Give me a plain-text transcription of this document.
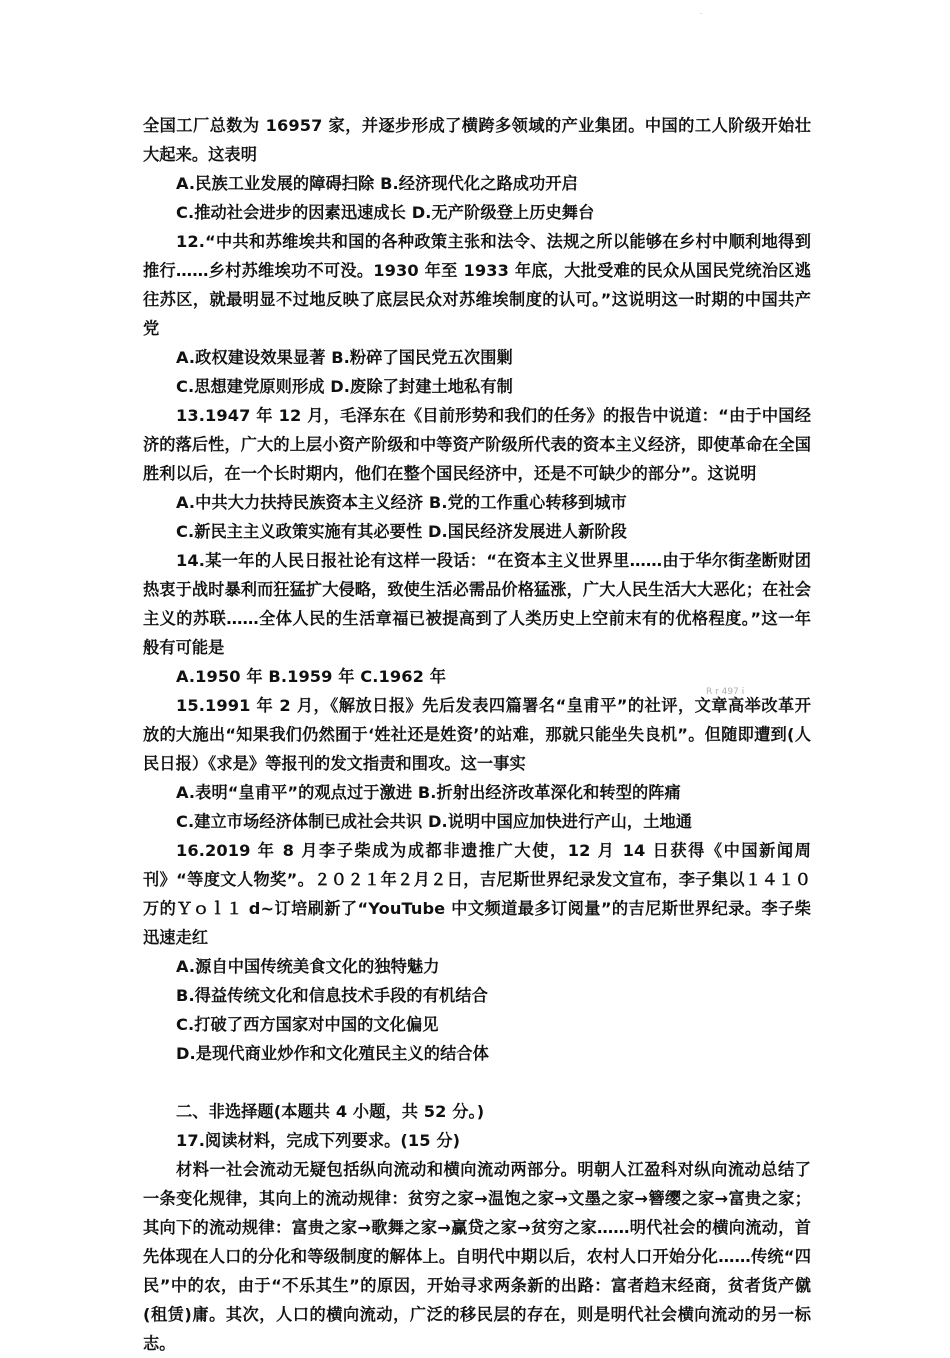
·
R r 497 i

全国工厂总数为 16957 家，并逐步形成了横跨多领域的产业集团。中国的工人阶级开始壮大起来。这表明

A.民族工业发展的障碍扫除 B.经济现代化之路成功开启

C.推动社会进步的因素迅速成长 D.无产阶级登上历史舞台

12.“中共和苏维埃共和国的各种政策主张和法令、法规之所以能够在乡村中顺利地得到推行……乡村苏维埃功不可没。1930 年至 1933 年底，大批受难的民众从国民党统治区逃往苏区，就最明显不过地反映了底层民众对苏维埃制度的认可。”这说明这一时期的中国共产党

A.政权建设效果显著 B.粉碎了国民党五次围剿

C.思想建党原则形成 D.废除了封建土地私有制

13.1947 年 12 月，毛泽东在《目前形势和我们的任务》的报告中说道：“由于中国经济的落后性，广大的上层小资产阶级和中等资产阶级所代表的资本主义经济，即使革命在全国胜利以后，在一个长时期内，他们在整个国民经济中，还是不可缺少的部分”。这说明

A.中共大力扶持民族资本主义经济 B.党的工作重心转移到城市

C.新民主主义政策实施有其必要性 D.国民经济发展进人新阶段

14.某一年的人民日报社论有这样一段话：“在资本主义世界里……由于华尔街垄断财团热衷于战时暴利而狂猛扩大侵略，致使生活必需品价格猛涨，广大人民生活大大恶化；在社会主义的苏联……全体人民的生活章福已被提高到了人类历史上空前末有的优格程度。”这一年般有可能是

A.1950 年 B.1959 年 C.1962 年

15.1991 年 2 月，《解放日报》先后发表四篇署名“皇甫平”的社评，文章高举改革开放的大施出“知果我们仍然囿于‘姓社还是姓资’的站难，那就只能坐失良机”。但随即遭到(人民日报）《求是》等报刊的发文指责和围攻。这一事实

A.表明“皇甫平”的观点过于激进 B.折射出经济改革深化和转型的阵痛

C.建立市场经济体制已成社会共识 D.说明中国应加快进行产山，土地通

16.2019 年 8 月李子柴成为成都非遗推广大使，12 月 14 日获得《中国新闻周刊》“等度文人物奖”。２０２１年２月２日，吉尼斯世界纪录发文宣布，李子集以１４１０万的Ｙｏｌ１ d~订培刷新了“YouTube 中文频道最多订阅量”的吉尼斯世界纪录。李子柴迅速走红

A.源自中国传统美食文化的独特魅力

B.得益传统文化和信息技术手段的有机结合

C.打破了西方国家对中国的文化偏见

D.是现代商业炒作和文化殖民主义的结合体

二、非选择题(本题共 4 小题，共 52 分。)

17.阅读材料，完成下列要求。(15 分)

材料一社会流动无疑包括纵向流动和横向流动两部分。明朝人江盈科对纵向流动总结了一条变化规律，其向上的流动规律：贫穷之家→温饱之家→文墨之家→簪缨之家→富贵之家；其向下的流动规律：富贵之家→歌舞之家→赢贷之家→贫穷之家……明代社会的横向流动，首先体现在人口的分化和等级制度的解体上。自明代中期以后，农村人口开始分化……传统“四民”中的农，由于“不乐其生”的原因，开始寻求两条新的出路：富者趋末经商，贫者货产僦(租赁)庸。其次，人口的横向流动，广泛的移民层的存在，则是明代社会横向流动的另一标志。
